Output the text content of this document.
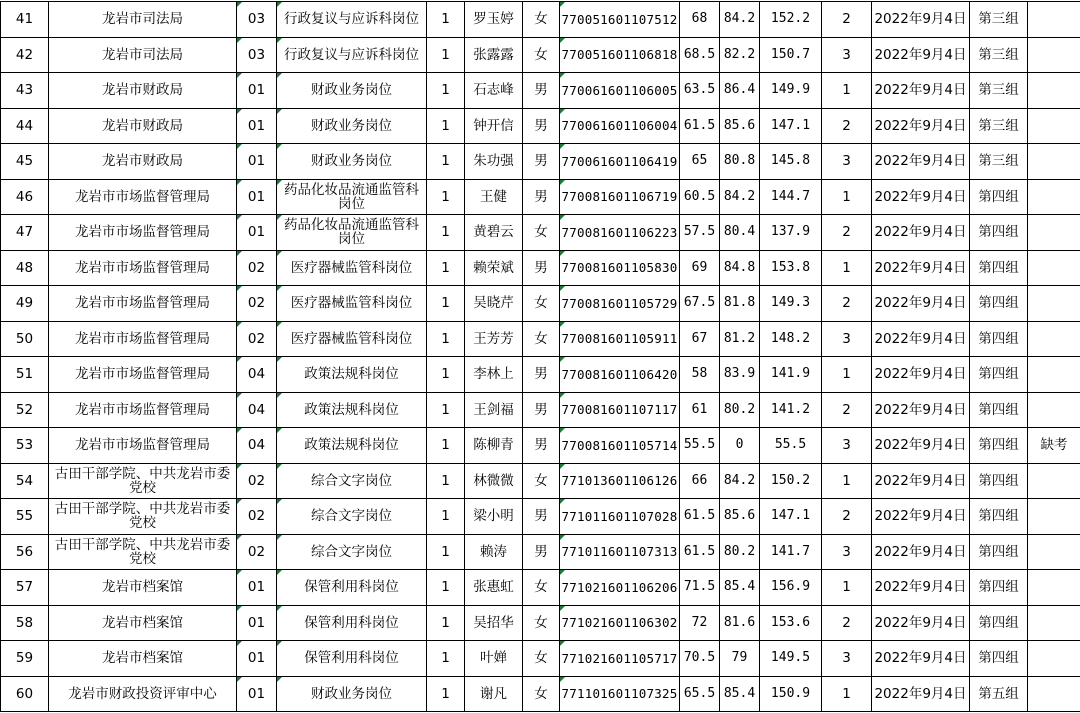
41	龙岩市司法局	03	行政复议与应诉科岗位	1	罗玉婷	女	770051601107512	68	84.2	152.2	2	2022年9月4日	第三组	
42	龙岩市司法局	03	行政复议与应诉科岗位	1	张露露	女	770051601106818	68.5	82.2	150.7	3	2022年9月4日	第三组	
43	龙岩市财政局	01	财政业务岗位	1	石志峰	男	770061601106005	63.5	86.4	149.9	1	2022年9月4日	第三组	
44	龙岩市财政局	01	财政业务岗位	1	钟开信	男	770061601106004	61.5	85.6	147.1	2	2022年9月4日	第三组	
45	龙岩市财政局	01	财政业务岗位	1	朱功强	男	770061601106419	65	80.8	145.8	3	2022年9月4日	第三组	
46	龙岩市市场监督管理局	01	药品化妆品流通监管科岗位	1	王健	男	770081601106719	60.5	84.2	144.7	1	2022年9月4日	第四组	
47	龙岩市市场监督管理局	01	药品化妆品流通监管科岗位	1	黄碧云	女	770081601106223	57.5	80.4	137.9	2	2022年9月4日	第四组	
48	龙岩市市场监督管理局	02	医疗器械监管科岗位	1	赖荣斌	男	770081601105830	69	84.8	153.8	1	2022年9月4日	第四组	
49	龙岩市市场监督管理局	02	医疗器械监管科岗位	1	吴晓芹	女	770081601105729	67.5	81.8	149.3	2	2022年9月4日	第四组	
50	龙岩市市场监督管理局	02	医疗器械监管科岗位	1	王芳芳	女	770081601105911	67	81.2	148.2	3	2022年9月4日	第四组	
51	龙岩市市场监督管理局	04	政策法规科岗位	1	李林上	男	770081601106420	58	83.9	141.9	1	2022年9月4日	第四组	
52	龙岩市市场监督管理局	04	政策法规科岗位	1	王剑福	男	770081601107117	61	80.2	141.2	2	2022年9月4日	第四组	
53	龙岩市市场监督管理局	04	政策法规科岗位	1	陈柳青	男	770081601105714	55.5	0	55.5	3	2022年9月4日	第四组	缺考
54	古田干部学院、中共龙岩市委党校	02	综合文字岗位	1	林微微	女	771013601106126	66	84.2	150.2	1	2022年9月4日	第四组	
55	古田干部学院、中共龙岩市委党校	02	综合文字岗位	1	梁小明	男	771011601107028	61.5	85.6	147.1	2	2022年9月4日	第四组	
56	古田干部学院、中共龙岩市委党校	02	综合文字岗位	1	赖涛	男	771011601107313	61.5	80.2	141.7	3	2022年9月4日	第四组	
57	龙岩市档案馆	01	保管利用科岗位	1	张惠虹	女	771021601106206	71.5	85.4	156.9	1	2022年9月4日	第四组	
58	龙岩市档案馆	01	保管利用科岗位	1	吴招华	女	771021601106302	72	81.6	153.6	2	2022年9月4日	第四组	
59	龙岩市档案馆	01	保管利用科岗位	1	叶婵	女	771021601105717	70.5	79	149.5	3	2022年9月4日	第四组	
60	龙岩市财政投资评审中心	01	财政业务岗位	1	谢凡	女	771101601107325	65.5	85.4	150.9	1	2022年9月4日	第五组	
